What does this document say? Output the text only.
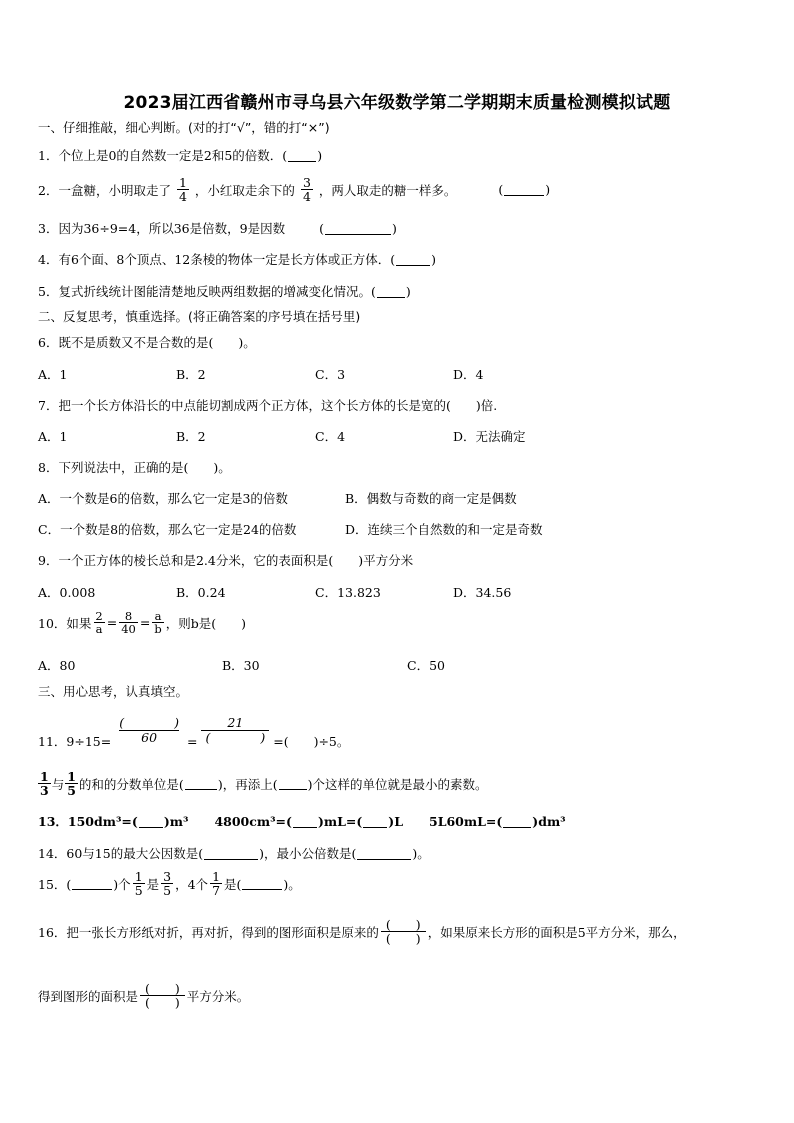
2023届江西省赣州市寻乌县六年级数学第二学期期末质量检测模拟试题
一、仔细推敲，细心判断。(对的打“√”，错的打“×”)
1．个位上是0的自然数一定是2和5的倍数．( )
2．一盒糖，小明取走了 $\frac{1}{4}$ ，小红取走余下的 $\frac{3}{4}$ ，两人取走的糖一样多。	(	)
3．因为36÷9=4，所以36是倍数，9是因数	(	)
4．有6个面、8个顶点、12条棱的物体一定是长方体或正方体．(	)
5．复式折线统计图能清楚地反映两组数据的增减变化情况。( )
二、反复思考，慎重选择。(将正确答案的序号填在括号里)
6．既不是质数又不是合数的是(　　)。
A．1	B．2	C．3	D．4
7．把一个长方体沿长的中点能切割成两个正方体，这个长方体的长是宽的(　　)倍.
A．1	B．2	C．4	D．无法确定
8．下列说法中，正确的是(　　)。
A．一个数是6的倍数，那么它一定是3的倍数	B．偶数与奇数的商一定是偶数
C．一个数是8的倍数，那么它一定是24的倍数	D．连续三个自然数的和一定是奇数
9．一个正方体的棱长总和是2.4分米，它的表面积是(　　)平方分米
A．0.008	B．0.24	C．13.823	D．34.56
10．如果 $\frac{2}{a} = \frac{8}{40} = \frac{a}{b}$ ，则b是(　　)
A．80	B．30	C．50
三、用心思考，认真填空。
11．$9\div 15= \frac{( )}{60} = \frac{21}{( )}$ =(　　)÷5。
$\frac{1}{3}$ 与 $\frac{1}{5}$ 的和的分数单位是(	)，再添上( )个这样的单位就是最小的素数。
13．150dm³=( )m³ 4800cm³=( )mL=( )L 5L60mL=( )dm³
14．60与15的最大公因数是(	)，最小公倍数是(	)。
15．(	)个 $\frac{1}{5}$ 是 $\frac{3}{5}$ ，4个 $\frac{1}{7}$ 是(	)。
16．把一张长方形纸对折，再对折，得到的图形面积是原来的 $\frac{( )}{( )}$ ，如果原来长方形的面积是5平方分米，那么，
得到图形的面积是 $\frac{( )}{( )}$ 平方分米。
